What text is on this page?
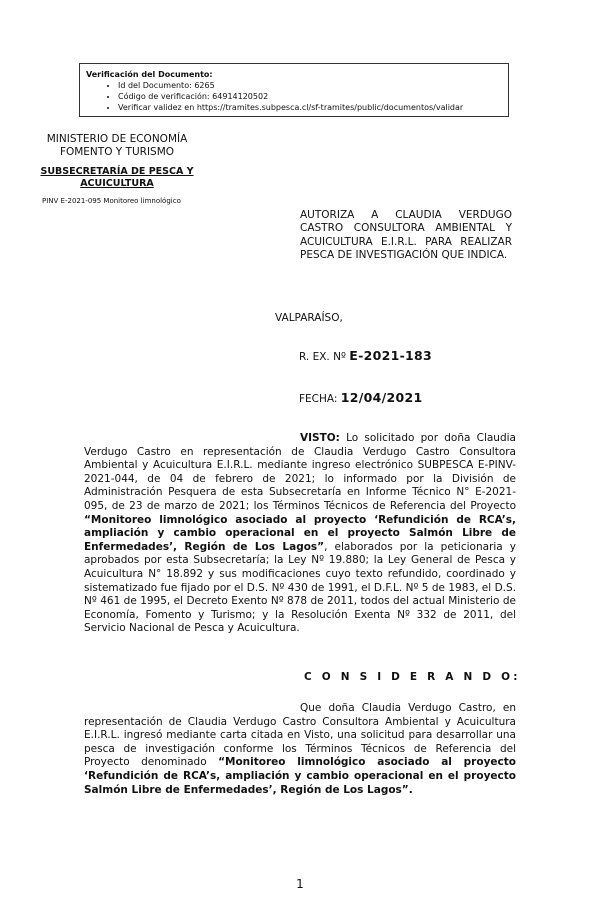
Verificación del Documento:
• Id del Documento: 6265
• Código de verificación: 64914120502
• Verificar validez en https://tramites.subpesca.cl/sf-tramites/public/documentos/validar
MINISTERIO DE ECONOMÍA
FOMENTO Y TURISMO
SUBSECRETARÍA DE PESCA Y
ACUICULTURA
PINV E-2021-095 Monitoreo limnológico
AUTORIZA A CLAUDIA VERDUGO CASTRO CONSULTORA AMBIENTAL Y ACUICULTURA E.I.R.L. PARA REALIZAR PESCA DE INVESTIGACIÓN QUE INDICA.
VALPARAÍSO,
R. EX. Nº E-2021-183
FECHA: 12/04/2021
VISTO: Lo solicitado por doña Claudia Verdugo Castro en representación de Claudia Verdugo Castro Consultora Ambiental y Acuicultura E.I.R.L. mediante ingreso electrónico SUBPESCA E-PINV-2021-044, de 04 de febrero de 2021; lo informado por la División de Administración Pesquera de esta Subsecretaría en Informe Técnico N° E-2021-095, de 23 de marzo de 2021; los Términos Técnicos de Referencia del Proyecto “Monitoreo limnológico asociado al proyecto ‘Refundición de RCA’s, ampliación y cambio operacional en el proyecto Salmón Libre de Enfermedades’, Región de Los Lagos”, elaborados por la peticionaria y aprobados por esta Subsecretaría; la Ley Nº 19.880; la Ley General de Pesca y Acuicultura N° 18.892 y sus modificaciones cuyo texto refundido, coordinado y sistematizado fue fijado por el D.S. Nº 430 de 1991, el D.F.L. Nº 5 de 1983, el D.S. Nº 461 de 1995, el Decreto Exento Nº 878 de 2011, todos del actual Ministerio de Economía, Fomento y Turismo; y la Resolución Exenta Nº 332 de 2011, del Servicio Nacional de Pesca y Acuicultura.
C O N S I D E R A N D O:
Que doña Claudia Verdugo Castro, en representación de Claudia Verdugo Castro Consultora Ambiental y Acuicultura E.I.R.L. ingresó mediante carta citada en Visto, una solicitud para desarrollar una pesca de investigación conforme los Términos Técnicos de Referencia del Proyecto denominado “Monitoreo limnológico asociado al proyecto ‘Refundición de RCA’s, ampliación y cambio operacional en el proyecto Salmón Libre de Enfermedades’, Región de Los Lagos”.
1
